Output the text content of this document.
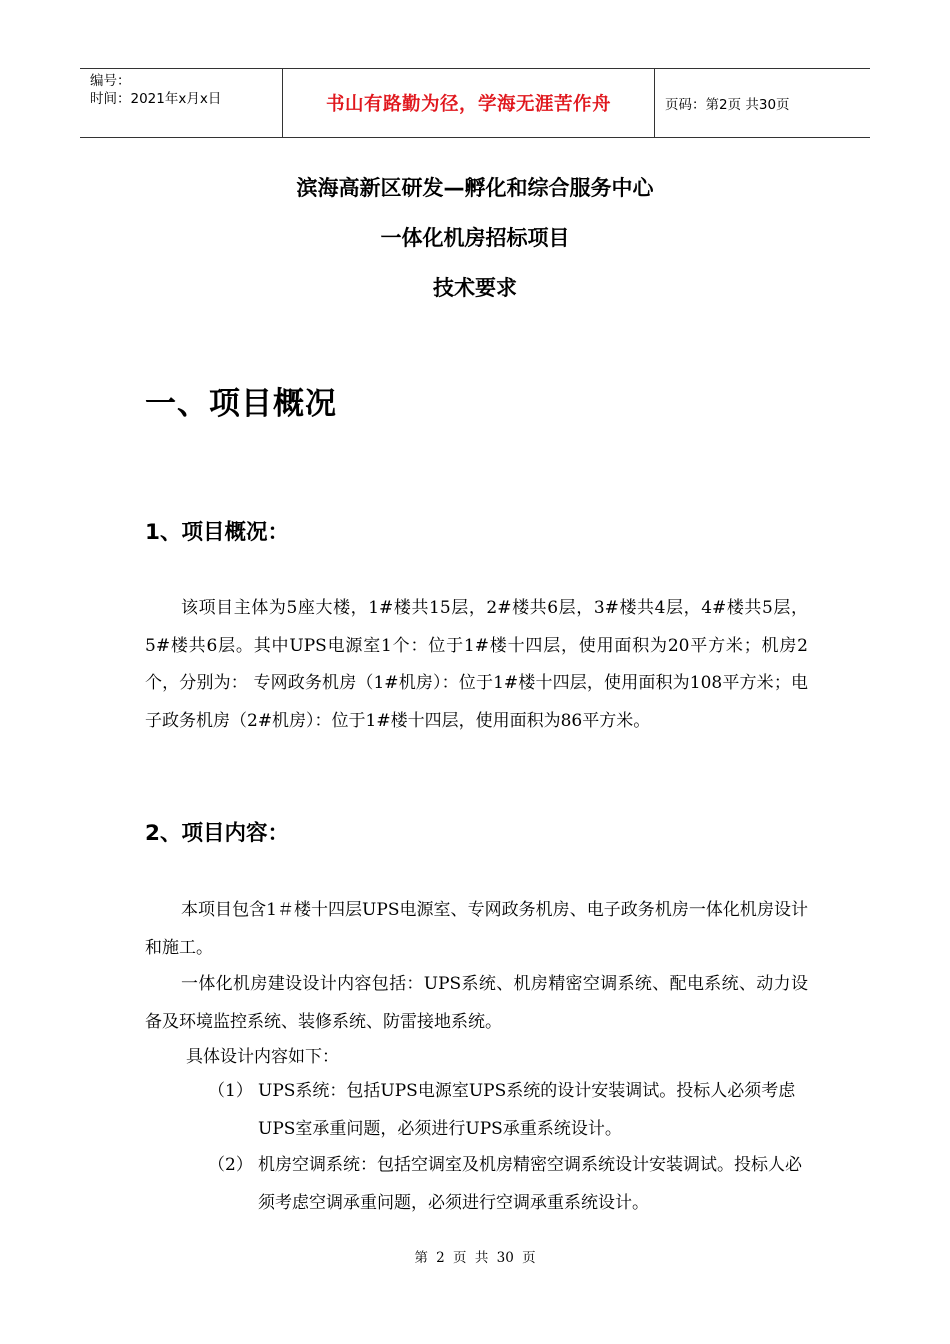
编号：
时间：2021年x月x日	书山有路勤为径，学海无涯苦作舟	页码：第2页 共30页
滨海高新区研发—孵化和综合服务中心
一体化机房招标项目
技术要求
一、项目概况
1、项目概况：

该项目主体为5座大楼，1#楼共15层，2#楼共6层，3#楼共4层，4#楼共5层，5#楼共6层。其中UPS电源室1个：位于1#楼十四层，使用面积为20平方米；机房2个，分别为： 专网政务机房（1#机房）：位于1#楼十四层，使用面积为108平方米；电子政务机房（2#机房）：位于1#楼十四层，使用面积为86平方米。

2、项目内容：

本项目包含1＃楼十四层UPS电源室、专网政务机房、电子政务机房一体化机房设计和施工。

一体化机房建设设计内容包括：UPS系统、机房精密空调系统、配电系统、动力设备及环境监控系统、装修系统、防雷接地系统。

具体设计内容如下：
（1） UPS系统：包括UPS电源室UPS系统的设计安装调试。投标人必须考虑UPS室承重问题，必须进行UPS承重系统设计。
（2） 机房空调系统：包括空调室及机房精密空调系统设计安装调试。投标人必须考虑空调承重问题，必须进行空调承重系统设计。
第 2 页 共 30 页
